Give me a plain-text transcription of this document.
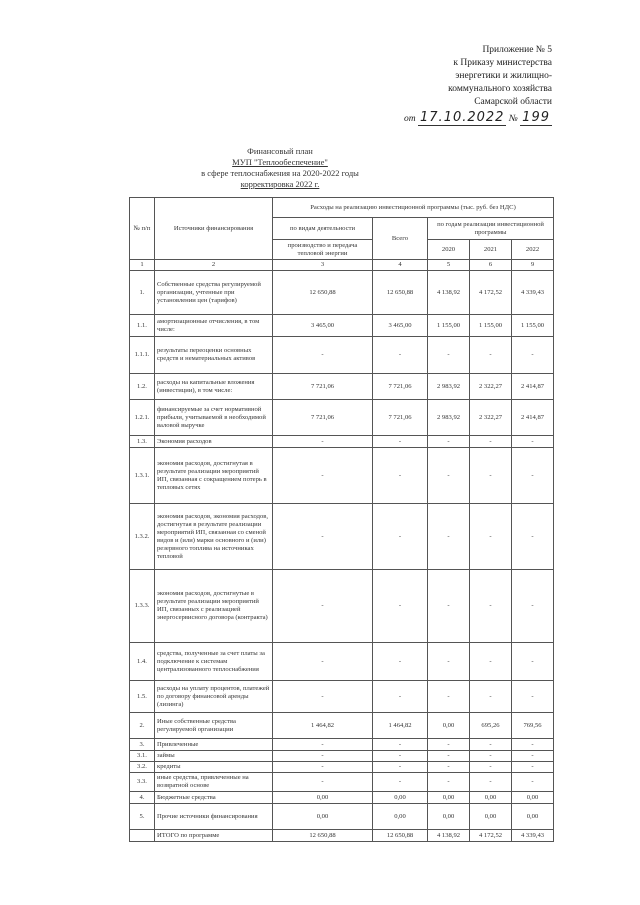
Приложение № 5
к Приказу министерства
энергетики и жилищно-
коммунального хозяйства
Самарской области
от 17.10.2022 № 199
Финансовый план
МУП "Теплообеспечение"
в сфере теплоснабжения на 2020-2022 годы
корректировка 2022 г.
№ п/п	Источники финансирования	Расходы на реализацию инвестиционной программы (тыс. руб. без НДС)				
		по видам деятельности	Всего	по годам реализации инвестиционной программы		
		производство и передача тепловой энергии		2020	2021	2022
1	2	3	4	5	6	9
1.	Собственные средства регулируемой организации, учтенные при установлении цен (тарифов)	12 650,88	12 650,88	4 138,92	4 172,52	4 339,43
1.1.	амортизационные отчисления, в том числе:	3 465,00	3 465,00	1 155,00	1 155,00	1 155,00
1.1.1.	результаты переоценки основных средств и нематериальных активов	-	-	-	-	-
1.2.	расходы на капитальные вложения (инвестиции), в том числе:	7 721,06	7 721,06	2 983,92	2 322,27	2 414,87
1.2.1.	финансируемые за счет нормативной прибыли, учитываемой в необходимой валовой выручке	7 721,06	7 721,06	2 983,92	2 322,27	2 414,87
1.3.	Экономия расходов	-	-	-	-	-
1.3.1.	экономия расходов, достигнутая в результате реализации мероприятий ИП, связанная с сокращением потерь в тепловых сетях	-	-	-	-	-
1.3.2.	экономия расходов, экономия расходов, достигнутая в результате реализации мероприятий ИП, связанная со сменой видов и (или) марки основного и (или) резервного топлива на источниках тепловой	-	-	-	-	-
1.3.3.	экономия расходов, достигнутые в результате реализации мероприятий ИП, связанных с реализацией энергосервисного договора (контракта)	-	-	-	-	-
1.4.	средства, полученные за счет платы за подключение к системам централизованного теплоснабжения	-	-	-	-	-
1.5.	расходы на уплату процентов, платежей по договору финансовой аренды (лизинга)	-	-	-	-	-
2.	Иные собственные средства регулируемой организации	1 464,82	1 464,82	0,00	695,26	769,56
3.	Привлеченные	-	-	-	-	-
3.1.	займы	-	-	-	-	-
3.2.	кредиты	-	-	-	-	-
3.3.	иные средства, привлеченные на возвратной основе	-	-	-	-	-
4.	Бюджетные средства	0,00	0,00	0,00	0,00	0,00
5.	Прочие источники финансирования	0,00	0,00	0,00	0,00	0,00
	ИТОГО по программе	12 650,88	12 650,88	4 138,92	4 172,52	4 339,43
